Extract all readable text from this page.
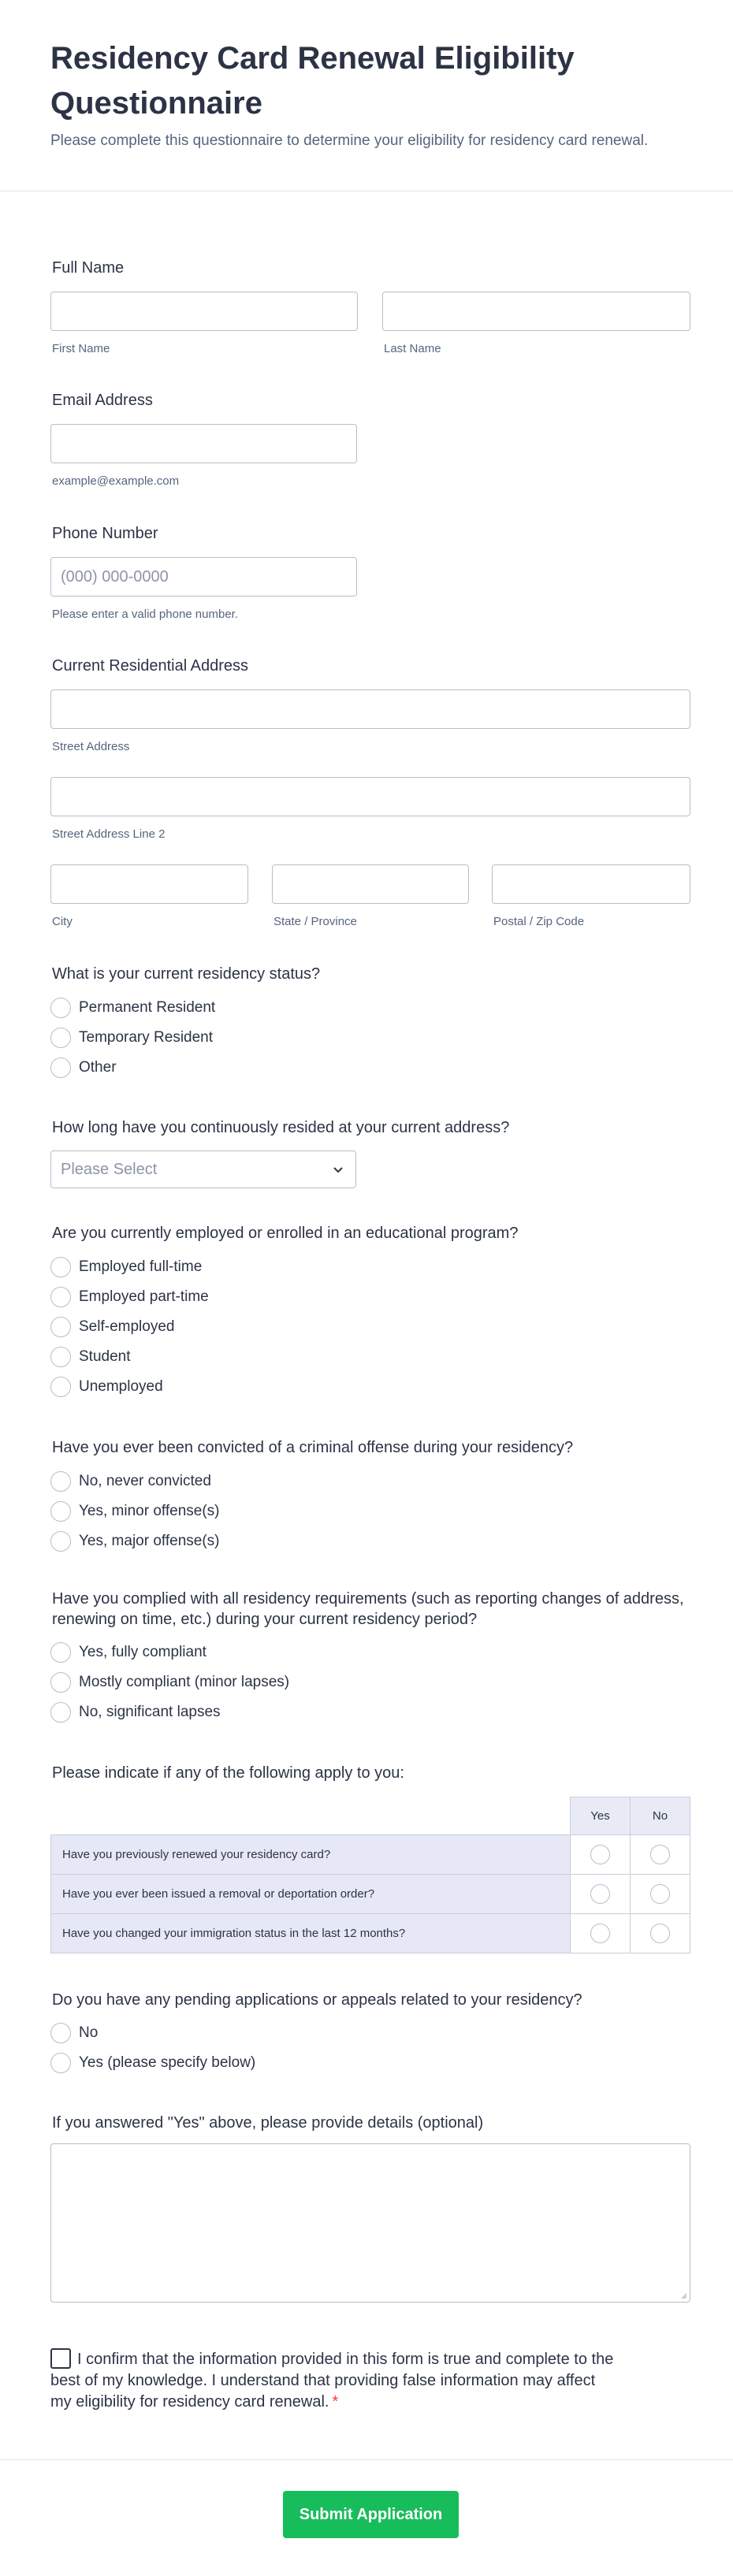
Residency Card Renewal Eligibility Questionnaire
Please complete this questionnaire to determine your eligibility for residency card renewal.
Full Name
First Name	Last Name
Email Address
example@example.com
Phone Number
(000) 000-0000
Please enter a valid phone number.
Current Residential Address
Street Address
Street Address Line 2
City	State / Province	Postal / Zip Code
What is your current residency status?
Permanent Resident
Temporary Resident
Other
How long have you continuously resided at your current address?
Please Select
Are you currently employed or enrolled in an educational program?
Employed full-time
Employed part-time
Self-employed
Student
Unemployed
Have you ever been convicted of a criminal offense during your residency?
No, never convicted
Yes, minor offense(s)
Yes, major offense(s)
Have you complied with all residency requirements (such as reporting changes of address, renewing on time, etc.) during your current residency period?
Yes, fully compliant
Mostly compliant (minor lapses)
No, significant lapses
Please indicate if any of the following apply to you:
	Yes	No
Have you previously renewed your residency card?		
Have you ever been issued a removal or deportation order?		
Have you changed your immigration status in the last 12 months?		
Do you have any pending applications or appeals related to your residency?
No
Yes (please specify below)
If you answered "Yes" above, please provide details (optional)
I confirm that the information provided in this form is true and complete to the best of my knowledge. I understand that providing false information may affect my eligibility for residency card renewal. *
Submit Application
